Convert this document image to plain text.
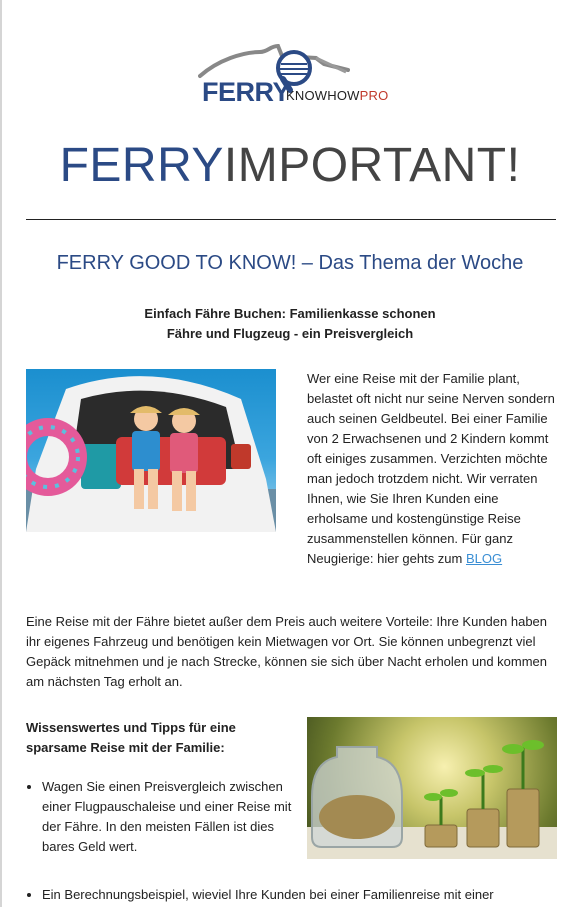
FERRY
KNOWHOWPRO
FERRYIMPORTANT!
FERRY GOOD TO KNOW! – Das Thema der Woche
Einfach Fähre Buchen: Familienkasse schonen
Fähre und Flugzeug - ein Preisvergleich
Wer eine Reise mit der Familie plant, belastet oft nicht nur seine Nerven sondern auch seinen Geldbeutel. Bei einer Familie von 2 Erwachsenen und 2 Kindern kommt oft einiges zusammen. Verzichten möchte man jedoch trotzdem nicht. Wir verraten Ihnen, wie Sie Ihren Kunden eine erholsame und kostengünstige Reise zusammenstellen können. Für ganz Neugierige: hier gehts zum BLOG
Eine Reise mit der Fähre bietet außer dem Preis auch weitere Vorteile: Ihre Kunden haben ihr eigenes Fahrzeug und benötigen kein Mietwagen vor Ort. Sie können unbegrenzt viel Gepäck mitnehmen und je nach Strecke, können sie sich über Nacht erholen und kommen am nächsten Tag erholt an.
Wissenswertes und Tipps für eine sparsame Reise mit der Familie:
• Wagen Sie einen Preisvergleich zwischen einer Flugpauschaleise und einer Reise mit der Fähre. In den meisten Fällen ist dies bares Geld wert.
• Ein Berechnungsbeispiel, wieviel Ihre Kunden bei einer Familienreise mit einer
